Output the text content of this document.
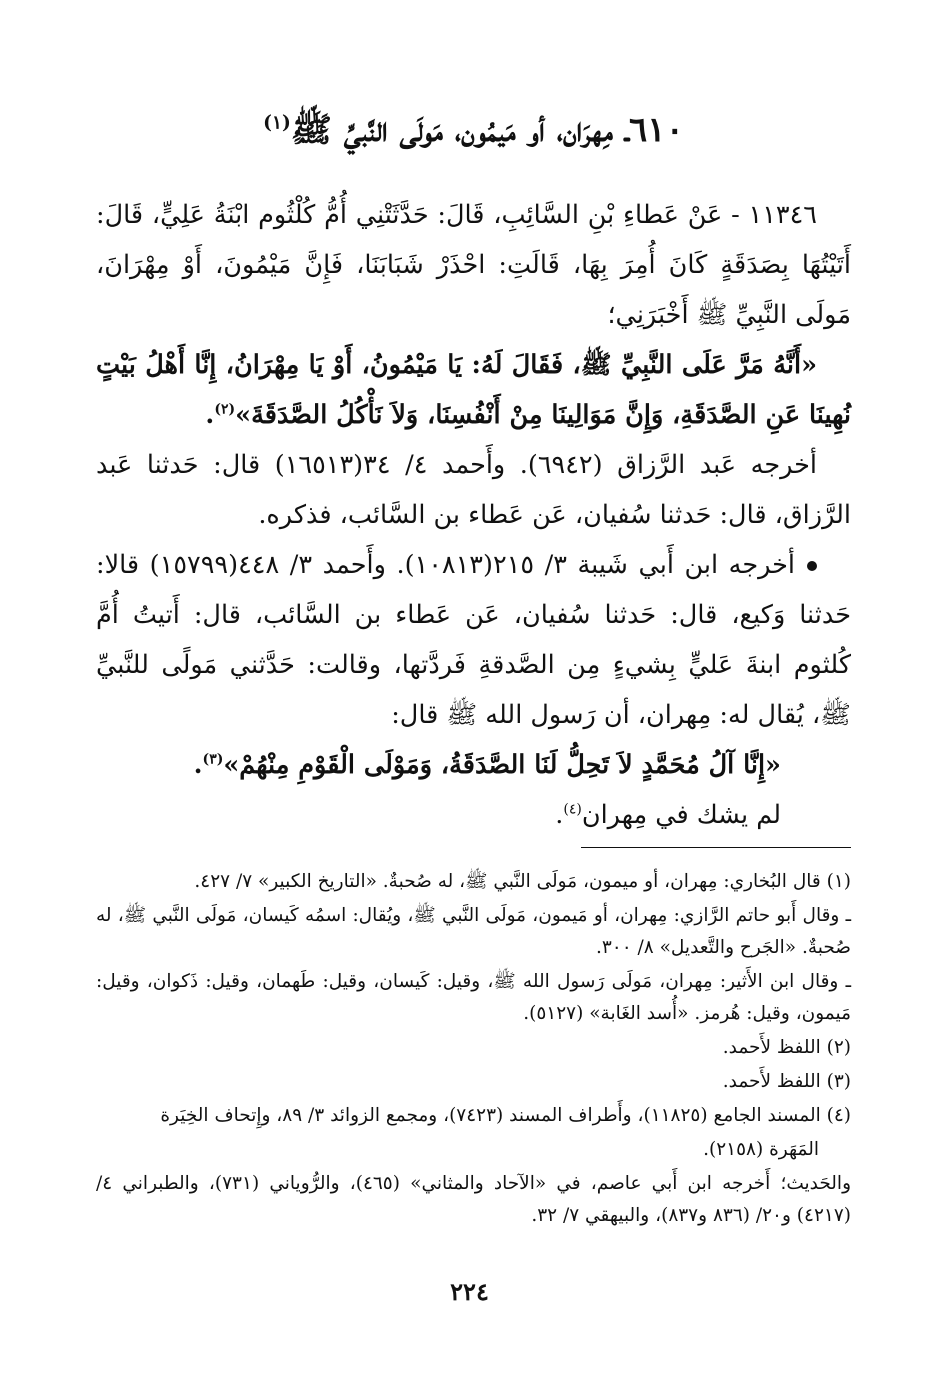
٦١٠ـ مِهرَان، أو مَيمُون، مَولَى النَّبيِّ ﷺ$^{(١)}$

١١٣٤٦ - عَنْ عَطاءِ بْنِ السَّائِبِ، قَالَ: حَدَّثَتْنِي أُمُّ كُلْثُوم ابْنَةُ عَلِيٍّ، قَالَ: أَتَيْتُهَا بِصَدَقَةٍ كَانَ أُمِرَ بِهَا، قَالَتِ: احْذَرْ شَبَابَنَا، فَإِنَّ مَيْمُونَ، أَوْ مِهْرَانَ، مَولَى النَّبِيِّ ﷺ أَخْبَرَنِي؛

«أَنَّهُ مَرَّ عَلَى النَّبِيِّ ﷺ، فَقَالَ لَهُ: يَا مَيْمُونُ، أَوْ يَا مِهْرَانُ، إِنَّا أَهْلُ بَيْتٍ نُهِينَا عَنِ الصَّدَقَةِ، وَإِنَّ مَوَالِينَا مِنْ أَنْفُسِنَا، وَلاَ نَأْكُلُ الصَّدَقَةَ»$^{(٢)}$.

أخرجه عَبد الرَّزاق (٦٩٤٢). وأَحمد ٤/ ٣٤(١٦٥١٣) قال: حَدثنا عَبد الرَّزاق، قال: حَدثنا سُفيان، عَن عَطاء بن السَّائب، فذكره.

أخرجه ابن أَبي شَيبة ٣/ ٢١٥(١٠٨١٣). وأَحمد ٣/ ٤٤٨(١٥٧٩٩) قالا: حَدثنا وَكيع، قال: حَدثنا سُفيان، عَن عَطاء بن السَّائب، قال: أَتيتُ أُمَّ كُلثوم ابنةَ عَليٍّ بِشيءٍ مِن الصَّدقةِ فَردَّتها، وقالت: حَدَّثني مَولًى للنَّبيِّ ﷺ، يُقال له: مِهران، أن رَسول الله ﷺ قال:

«إِنَّا آلُ مُحَمَّدٍ لاَ تَحِلُّ لَنَا الصَّدَقَةُ، وَمَوْلَى الْقَوْمِ مِنْهُمْ»$^{(٣)}$.

لم يشك في مِهران$^{(٤)}$.

(١) قال البُخاري: مِهران، أو ميمون، مَولَى النَّبي ﷺ، له صُحبةٌ. «التاريخ الكبير» ٧/ ٤٢٧.

ـ وقال أَبو حاتم الرَّازي: مِهران، أو مَيمون، مَولَى النَّبي ﷺ، ويُقال: اسمُه كَيسان، مَولَى النَّبي ﷺ، له صُحبةٌ. «الجَرح والتَّعديل» ٨/ ٣٠٠.

ـ وقال ابن الأَثير: مِهران، مَولَى رَسول الله ﷺ، وقيل: كَيسان، وقيل: طَهمان، وقيل: ذَكوان، وقيل: مَيمون، وقيل: هُرمز. «أُسد الغَابة» (٥١٢٧).

(٢) اللفظ لأَحمد.

(٣) اللفظ لأَحمد.

(٤) المسند الجامع (١١٨٢٥)، وأَطراف المسند (٧٤٢٣)، ومجمع الزوائد ٣/ ٨٩، وإِتحاف الخِيَرة

المَهَرة (٢١٥٨).

والحَديث؛ أَخرجه ابن أَبي عاصم، في «الآحاد والمثاني» (٤٦٥)، والرُّوياني (٧٣١)، والطبراني ٤/ (٤٢١٧) و٢٠/ (٨٣٦ و٨٣٧)، والبيهقي ٧/ ٣٢.

٢٢٤
